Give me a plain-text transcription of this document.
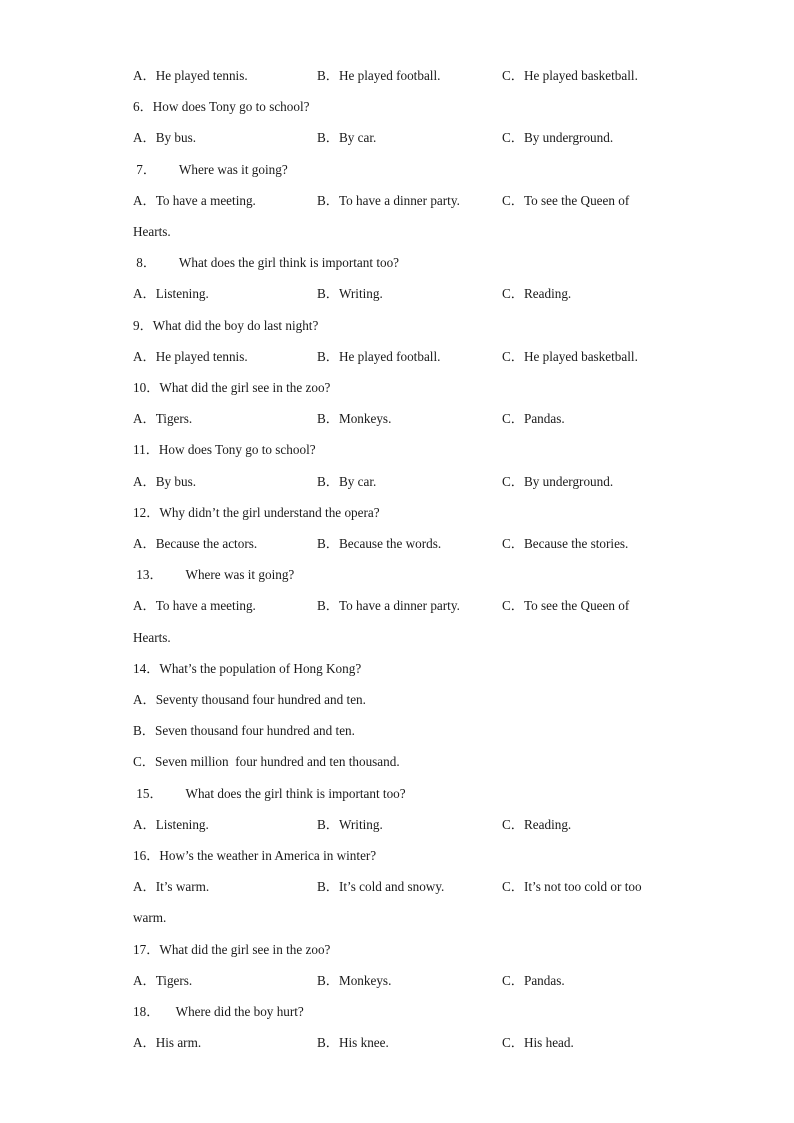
A．He played tennis.	B．He played football.	C．He played basketball.
6．How does Tony go to school?
A．By bus.	B．By car.	C．By underground.
7．       Where was it going?
A．To have a meeting.	B．To have a dinner party.	C．To see the Queen of
Hearts.
8．       What does the girl think is important too?
A．Listening.	B．Writing.	C．Reading.
9．What did the boy do last night?
A．He played tennis.	B．He played football.	C．He played basketball.
10．What did the girl see in the zoo?
A．Tigers.	B．Monkeys.	C．Pandas.
11．How does Tony go to school?
A．By bus.	B．By car.	C．By underground.
12．Why didn’t the girl understand the opera?
A．Because the actors.	B．Because the words.	C．Because the stories.
13．       Where was it going?
A．To have a meeting.	B．To have a dinner party.	C．To see the Queen of
Hearts.
14．What’s the population of Hong Kong?
A．Seventy thousand four hundred and ten.
B．Seven thousand four hundred and ten.
C．Seven million  four hundred and ten thousand.
15．       What does the girl think is important too?
A．Listening.	B．Writing.	C．Reading.
16．How’s the weather in America in winter?
A．It’s warm.	B．It’s cold and snowy.	C．It’s not too cold or too
warm.
17．What did the girl see in the zoo?
A．Tigers.	B．Monkeys.	C．Pandas.
18．     Where did the boy hurt?
A．His arm.	B．His knee.	C．His head.
